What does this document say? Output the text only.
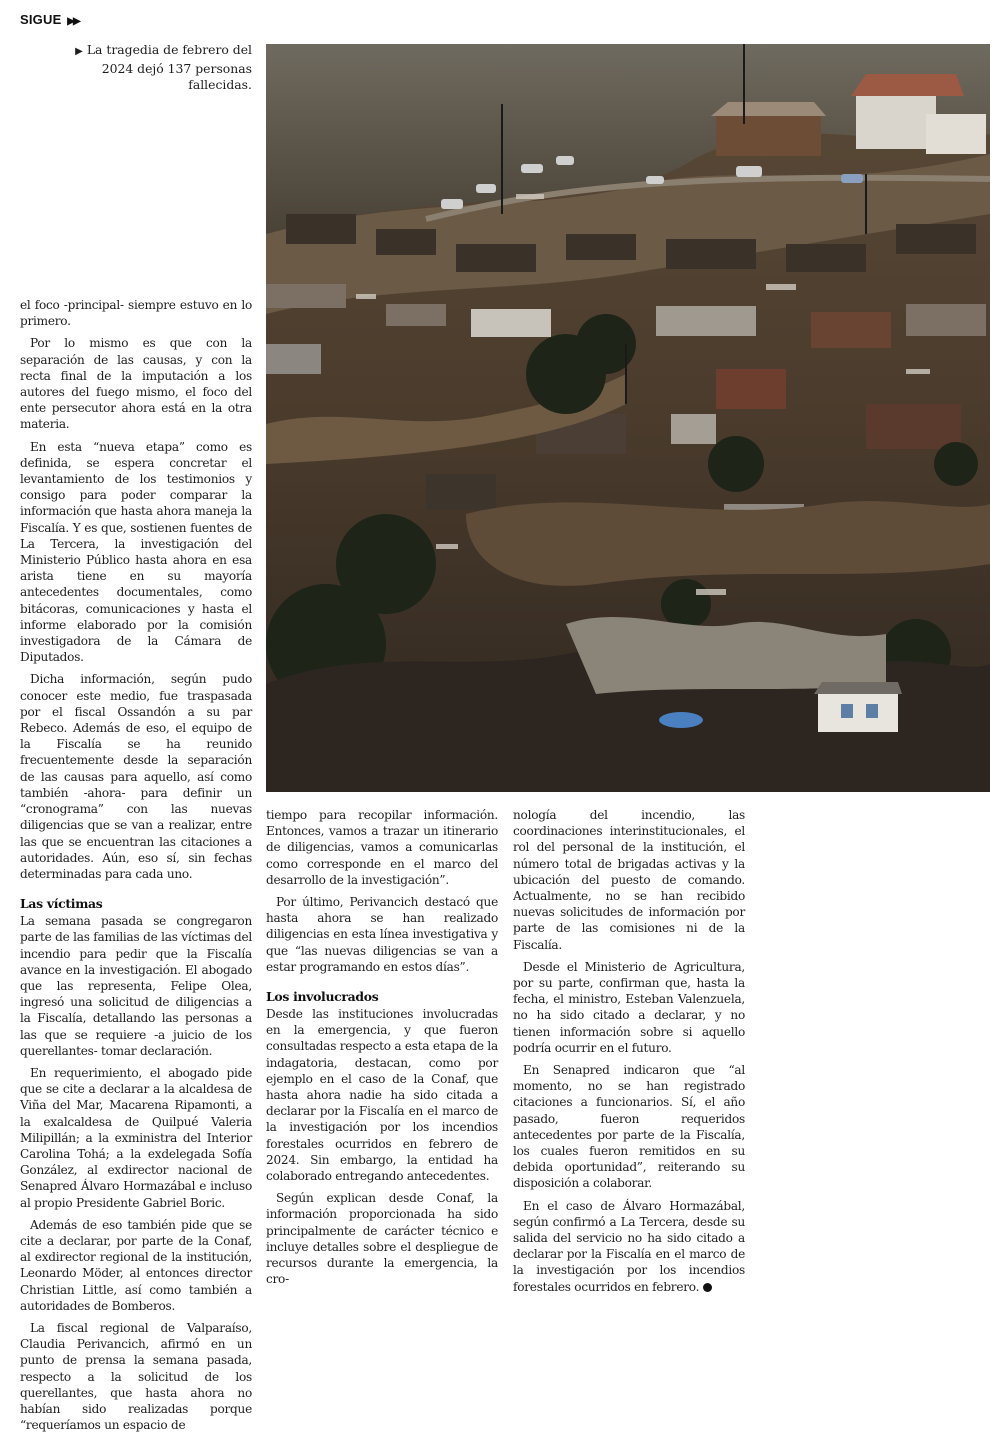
SIGUE ▶▶
▶ La tragedia de febrero del 2024 dejó 137 personas fallecidas.

el foco -principal- siempre estuvo en lo primero.

Por lo mismo es que con la separación de las causas, y con la recta final de la imputación a los autores del fuego mismo, el foco del ente persecutor ahora está en la otra materia.

En esta “nueva etapa” como es definida, se espera concretar el levantamiento de los testimonios y consigo para poder comparar la información que hasta ahora maneja la Fiscalía. Y es que, sostienen fuentes de La Tercera, la investigación del Ministerio Público hasta ahora en esa arista tiene en su mayoría antecedentes documentales, como bitácoras, comunicaciones y hasta el informe elaborado por la comisión investigadora de la Cámara de Diputados.

Dicha información, según pudo conocer este medio, fue traspasada por el fiscal Ossandón a su par Rebeco. Además de eso, el equipo de la Fiscalía se ha reunido frecuentemente desde la separación de las causas para aquello, así como también -ahora- para definir un “cronograma” con las nuevas diligencias que se van a realizar, entre las que se encuentran las citaciones a autoridades. Aún, eso sí, sin fechas determinadas para cada uno.

Las víctimas

La semana pasada se congregaron parte de las familias de las víctimas del incendio para pedir que la Fiscalía avance en la investigación. El abogado que las representa, Felipe Olea, ingresó una solicitud de diligencias a la Fiscalía, detallando las personas a las que se requiere -a juicio de los querellantes- tomar declaración.

En requerimiento, el abogado pide que se cite a declarar a la alcaldesa de Viña del Mar, Macarena Ripamonti, a la exalcaldesa de Quilpué Valeria Milipillán; a la exministra del Interior Carolina Tohá; a la exdelegada Sofía González, al exdirector nacional de Senapred Álvaro Hormazábal e incluso al propio Presidente Gabriel Boric.

Además de eso también pide que se cite a declarar, por parte de la Conaf, al exdirector regional de la institución, Leonardo Möder, al entonces director Christian Little, así como también a autoridades de Bomberos.

La fiscal regional de Valparaíso, Claudia Perivancich, afirmó en un punto de prensa la semana pasada, respecto a la solicitud de los querellantes, que hasta ahora no habían sido realizadas porque “requeríamos un espacio de

tiempo para recopilar información. Entonces, vamos a trazar un itinerario de diligencias, vamos a comunicarlas como corresponde en el marco del desarrollo de la investigación”.

Por último, Perivancich destacó que hasta ahora se han realizado diligencias en esta línea investigativa y que “las nuevas diligencias se van a estar programando en estos días”.

Los involucrados

Desde las instituciones involucradas en la emergencia, y que fueron consultadas respecto a esta etapa de la indagatoria, destacan, como por ejemplo en el caso de la Conaf, que hasta ahora nadie ha sido citada a declarar por la Fiscalía en el marco de la investigación por los incendios forestales ocurridos en febrero de 2024. Sin embargo, la entidad ha colaborado entregando antecedentes.

Según explican desde Conaf, la información proporcionada ha sido principalmente de carácter técnico e incluye detalles sobre el despliegue de recursos durante la emergencia, la cro-

nología del incendio, las coordinaciones interinstitucionales, el rol del personal de la institución, el número total de brigadas activas y la ubicación del puesto de comando. Actualmente, no se han recibido nuevas solicitudes de información por parte de las comisiones ni de la Fiscalía.

Desde el Ministerio de Agricultura, por su parte, confirman que, hasta la fecha, el ministro, Esteban Valenzuela, no ha sido citado a declarar, y no tienen información sobre si aquello podría ocurrir en el futuro.

En Senapred indicaron que “al momento, no se han registrado citaciones a funcionarios. Sí, el año pasado, fueron requeridos antecedentes por parte de la Fiscalía, los cuales fueron remitidos en su debida oportunidad”, reiterando su disposición a colaborar.

En el caso de Álvaro Hormazábal, según confirmó a La Tercera, desde su salida del servicio no ha sido citado a declarar por la Fiscalía en el marco de la investigación por los incendios forestales ocurridos en febrero.
